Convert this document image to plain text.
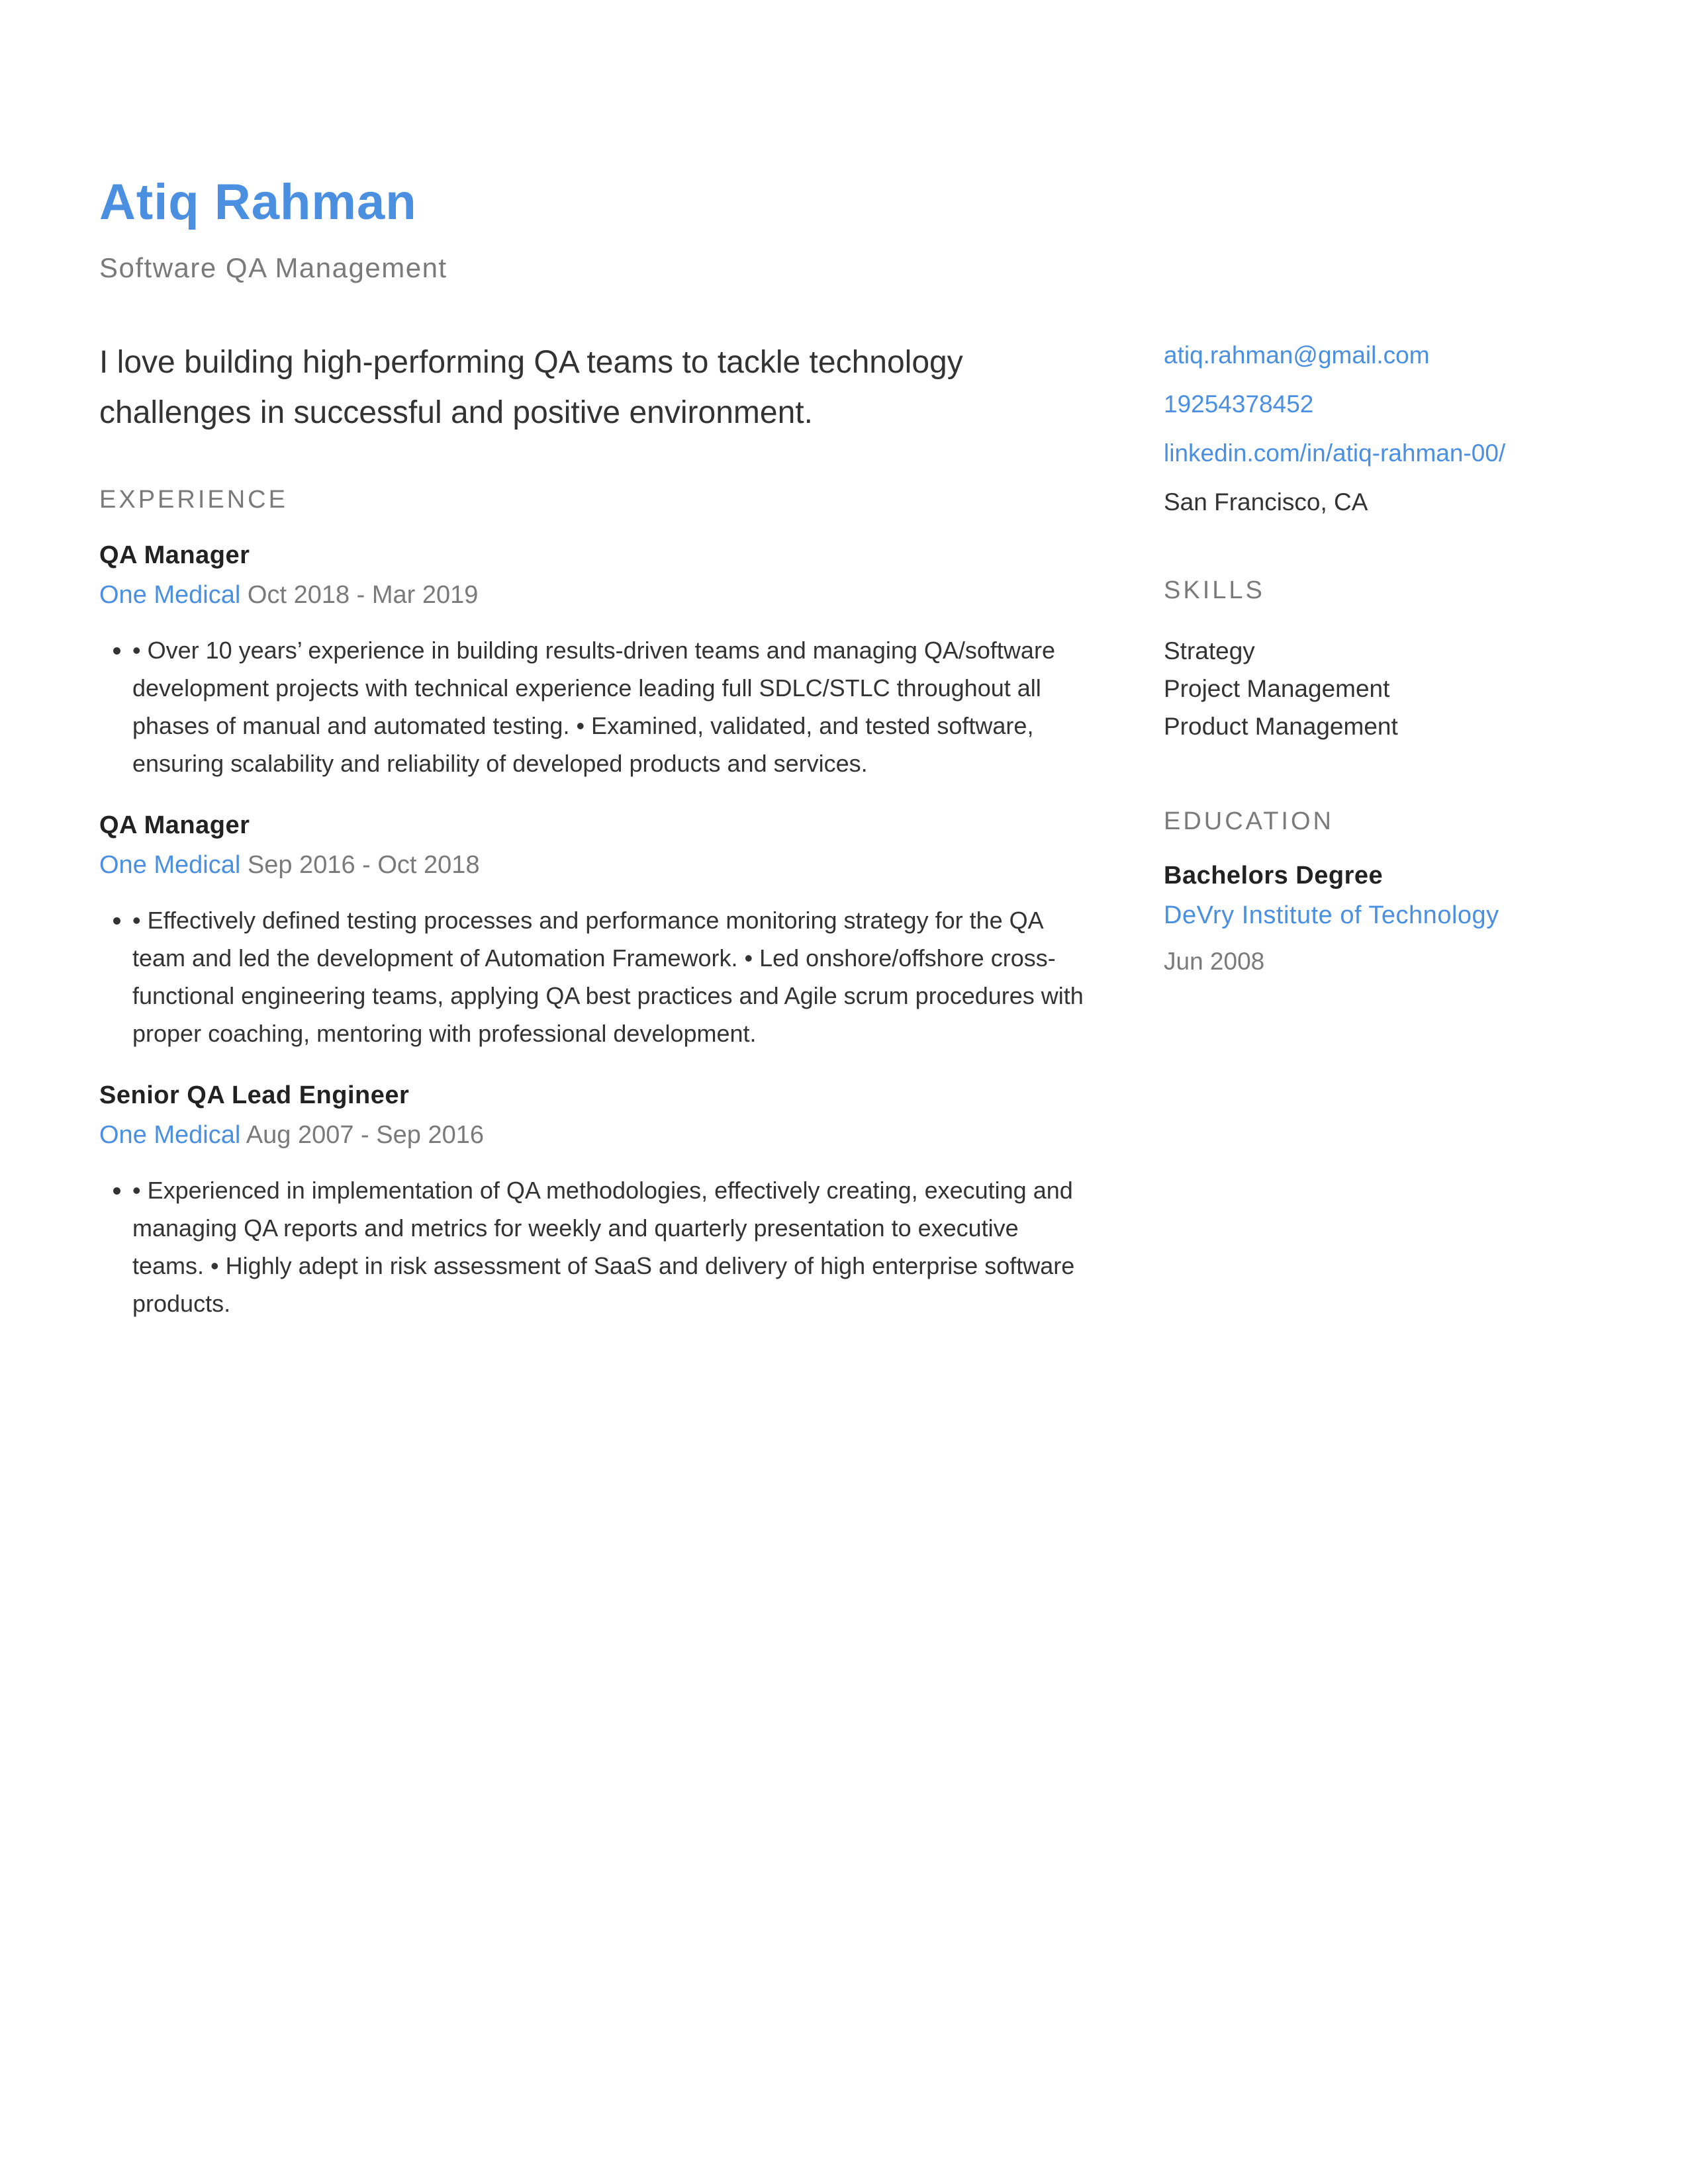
Atiq Rahman
Software QA Management

I love building high-performing QA teams to tackle technology challenges in successful and positive environment.

EXPERIENCE
QA Manager
One Medical Oct 2018 - Mar 2019
• • Over 10 years’ experience in building results-driven teams and managing QA/software development projects with technical experience leading full SDLC/STLC throughout all phases of manual and automated testing. • Examined, validated, and tested software, ensuring scalability and reliability of developed products and services.
QA Manager
One Medical Sep 2016 - Oct 2018
• • Effectively defined testing processes and performance monitoring strategy for the QA team and led the development of Automation Framework. • Led onshore/offshore cross-functional engineering teams, applying QA best practices and Agile scrum procedures with proper coaching, mentoring with professional development.
Senior QA Lead Engineer
One Medical Aug 2007 - Sep 2016
• • Experienced in implementation of QA methodologies, effectively creating, executing and managing QA reports and metrics for weekly and quarterly presentation to executive teams. • Highly adept in risk assessment of SaaS and delivery of high enterprise software products.
atiq.rahman@gmail.com
19254378452
linkedin.com/in/atiq-rahman-00/
San Francisco, CA
SKILLS
Strategy
Project Management
Product Management
EDUCATION
Bachelors Degree
DeVry Institute of Technology
Jun 2008
